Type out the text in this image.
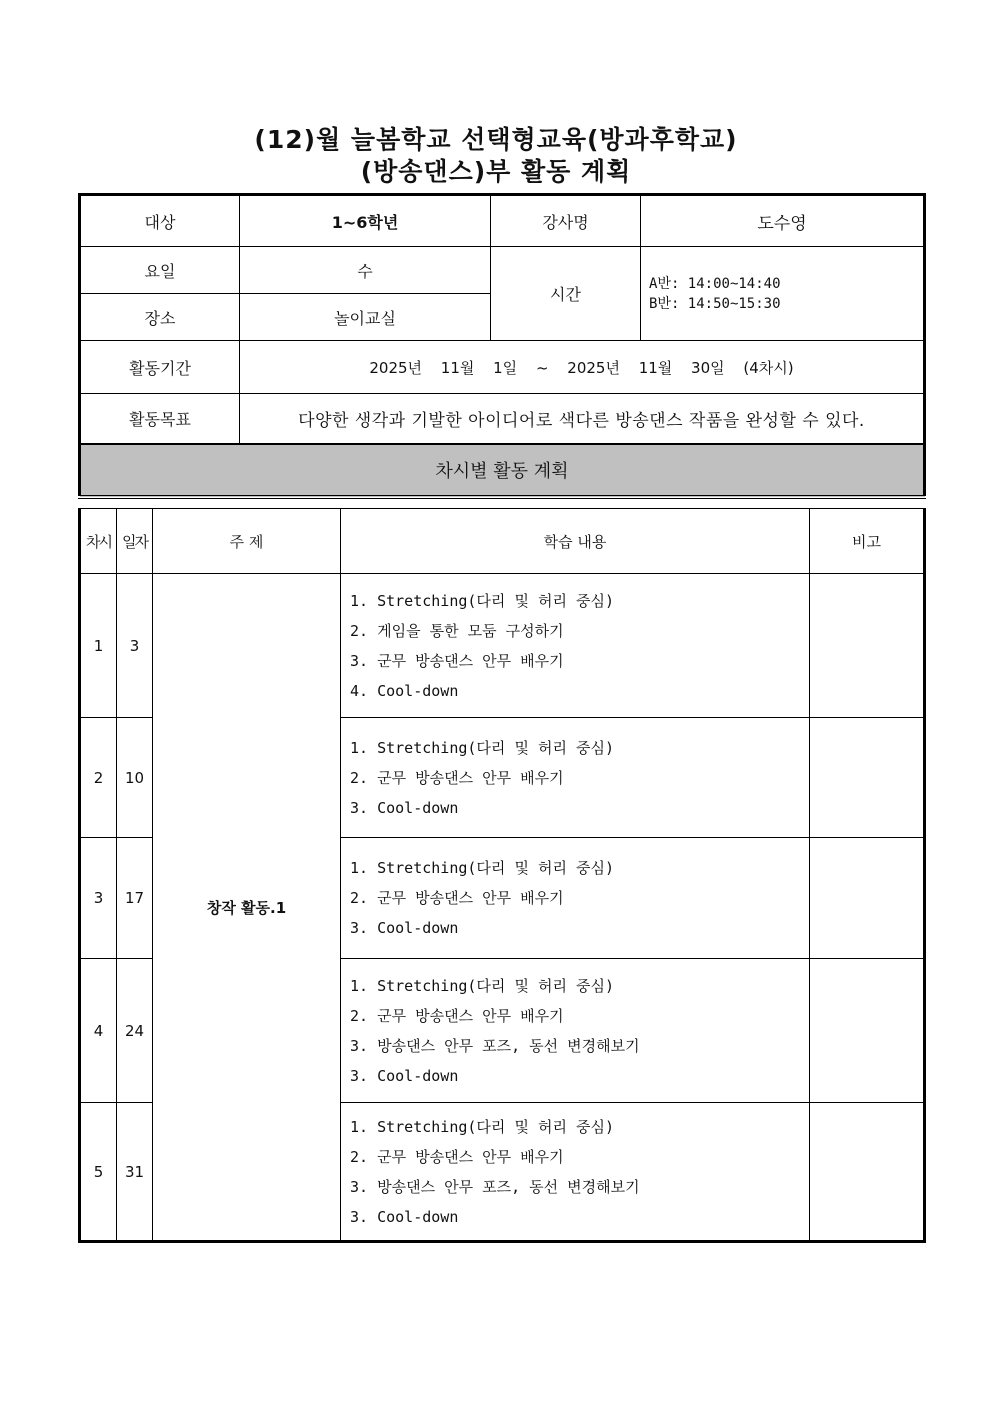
(12)월 늘봄학교 선택형교육(방과후학교)
(방송댄스)부 활동 계획
대상	1~6학년	강사명	도수영
요일	수	시간	A반: 14:00~14:40
B반: 14:50~15:30

장소	놀이교실		
활동기간	2025년 11월 1일 ~ 2025년 11월 30일 (4차시)		
활동목표	다양한 생각과 기발한 아이디어로 색다른 방송댄스 작품을 완성할 수 있다.		
차시별 활동 계획			
차시	일자	주 제	학습 내용	비고
1	3	창작 활동.1	1. Stretching(다리 및 허리 중심)
2. 게임을 통한 모둠 구성하기
3. 군무 방송댄스 안무 배우기
4. Cool-down	

2	10		1. Stretching(다리 및 허리 중심)
2. 군무 방송댄스 안무 배우기
3. Cool-down	

3	17		1. Stretching(다리 및 허리 중심)
2. 군무 방송댄스 안무 배우기
3. Cool-down	

4	24		1. Stretching(다리 및 허리 중심)
2. 군무 방송댄스 안무 배우기
3. 방송댄스 안무 포즈, 동선 변경해보기
3. Cool-down	

5	31		1. Stretching(다리 및 허리 중심)
2. 군무 방송댄스 안무 배우기
3. 방송댄스 안무 포즈, 동선 변경해보기
3. Cool-down	
